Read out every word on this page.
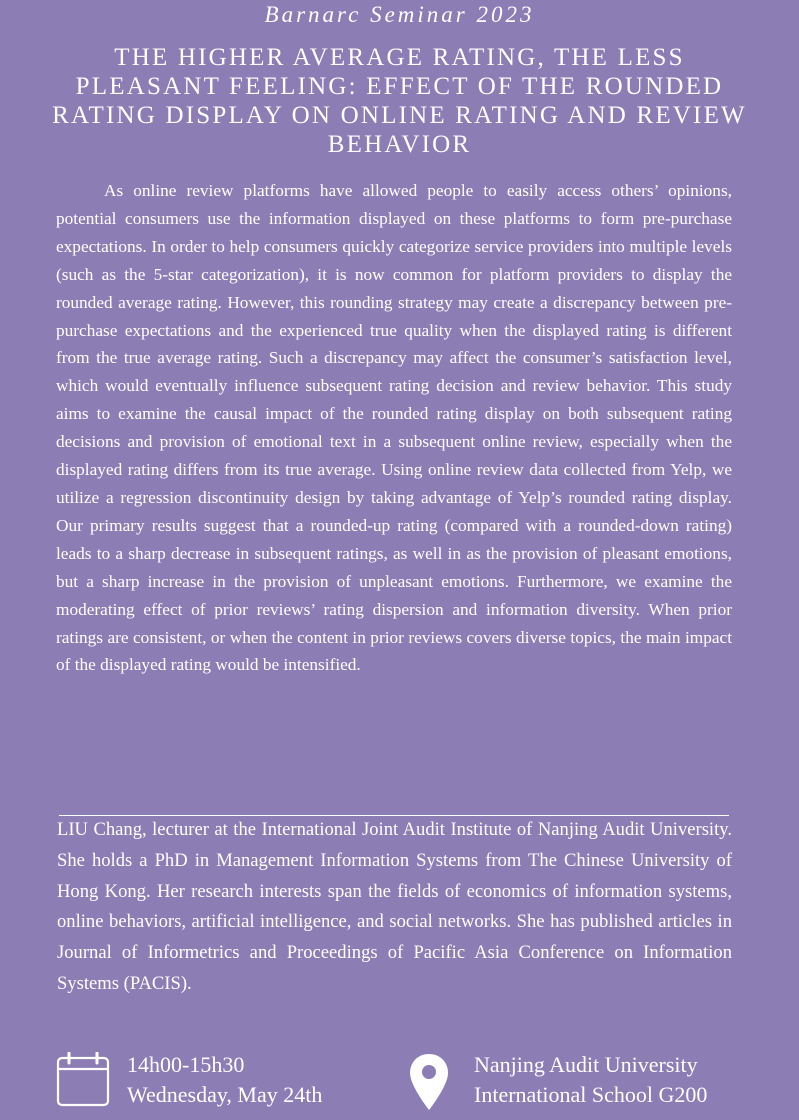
Barnarc Seminar 2023
THE HIGHER AVERAGE RATING, THE LESS PLEASANT FEELING: EFFECT OF THE ROUNDED RATING DISPLAY ON ONLINE RATING AND REVIEW BEHAVIOR

As online review platforms have allowed people to easily access others’ opinions, potential consumers use the information displayed on these platforms to form pre-purchase expectations. In order to help consumers quickly categorize service providers into multiple levels (such as the 5-star categorization), it is now common for platform providers to display the rounded average rating. However, this rounding strategy may create a discrepancy between pre-purchase expectations and the experienced true quality when the displayed rating is different from the true average rating. Such a discrepancy may affect the consumer’s satisfaction level, which would eventually influence subsequent rating decision and review behavior. This study aims to examine the causal impact of the rounded rating display on both subsequent rating decisions and provision of emotional text in a subsequent online review, especially when the displayed rating differs from its true average. Using online review data collected from Yelp, we utilize a regression discontinuity design by taking advantage of Yelp’s rounded rating display. Our primary results suggest that a rounded-up rating (compared with a rounded-down rating) leads to a sharp decrease in subsequent ratings, as well in as the provision of pleasant emotions, but a sharp increase in the provision of unpleasant emotions. Furthermore, we examine the moderating effect of prior reviews’ rating dispersion and information diversity. When prior ratings are consistent, or when the content in prior reviews covers diverse topics, the main impact of the displayed rating would be intensified.

LIU Chang, lecturer at the International Joint Audit Institute of Nanjing Audit University. She holds a PhD in Management Information Systems from The Chinese University of Hong Kong. Her research interests span the fields of economics of information systems, online behaviors, artificial intelligence, and social networks. She has published articles in Journal of Informetrics and Proceedings of Pacific Asia Conference on Information Systems (PACIS).

14h00-15h30
Wednesday, May 24th
Nanjing Audit University
International School G200
